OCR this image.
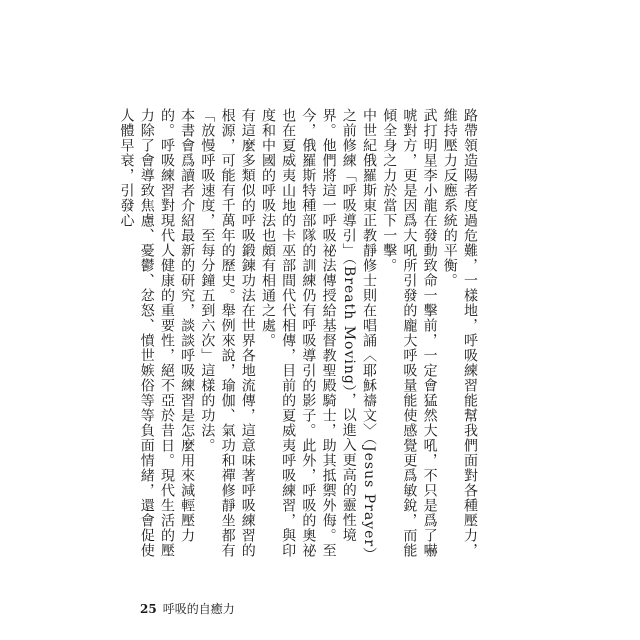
路帶領造陽者度過危難，一樣地，呼吸練習能幫我們面對各種壓力，維持壓力反應系統的平衡。

武打明星李小龍在發動致命一擊前，一定會猛然大吼，不只是爲了嚇唬對方，更是因爲大吼所引發的龐大呼吸量能使感覺更爲敏銳，而能傾全身之力於當下一擊。

中世紀俄羅斯東正教靜修士則在唱誦〈耶穌禱文〉（Jesus Prayer）之前修練「呼吸導引」（Breath Moving），以進入更高的靈性境界。他們將這一呼吸祕法傳授給基督教聖殿騎士，助其抵禦外侮。至今，俄羅斯特種部隊的訓練仍有呼吸導引的影子。此外，呼吸的奧祕也在夏威夷山地的卡巫部間代代相傳，目前的夏威夷呼吸練習，與印度和中國的呼吸法也頗有相通之處。

有這麼多類似的呼吸鍛鍊功法在世界各地流傳，這意味著呼吸練習的根源，可能有千萬年的歷史。舉例來說，瑜伽、氣功和禪修靜坐都有「放慢呼吸速度，至每分鐘五到六次」這樣的功法。

本書會爲讀者介紹最新的研究，談談呼吸練習是怎麼用來減輕壓力的。呼吸練習對現代人健康的重要性，絕不亞於昔日。現代生活的壓力除了會導致焦慮、憂鬱、忿怒、憤世嫉俗等等負面情緒，還會促使人體早衰，引發心

25 呼吸的自癒力
